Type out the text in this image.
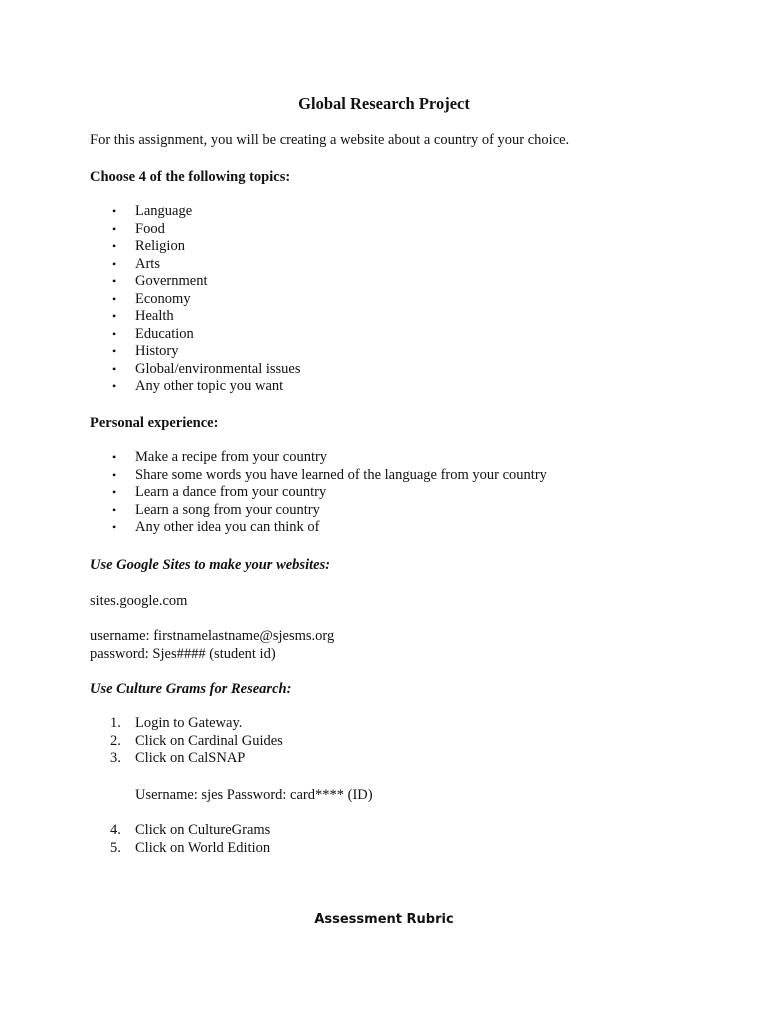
Global Research Project
For this assignment, you will be creating a website about a country of your choice.
Choose 4 of the following topics:
• Language
• Food
• Religion
• Arts
• Government
• Economy
• Health
• Education
• History
• Global/environmental issues
• Any other topic you want
Personal experience:
• Make a recipe from your country
• Share some words you have learned of the language from your country
• Learn a dance from your country
• Learn a song from your country
• Any other idea you can think of
Use Google Sites to make your websites:
sites.google.com
username: firstnamelastname@sjesms.org
password: Sjes#### (student id)
Use Culture Grams for Research:
1. Login to Gateway.
2. Click on Cardinal Guides
3. Click on CalSNAP
Username: sjes Password: card**** (ID)
4. Click on CultureGrams
5. Click on World Edition
Assessment Rubric
